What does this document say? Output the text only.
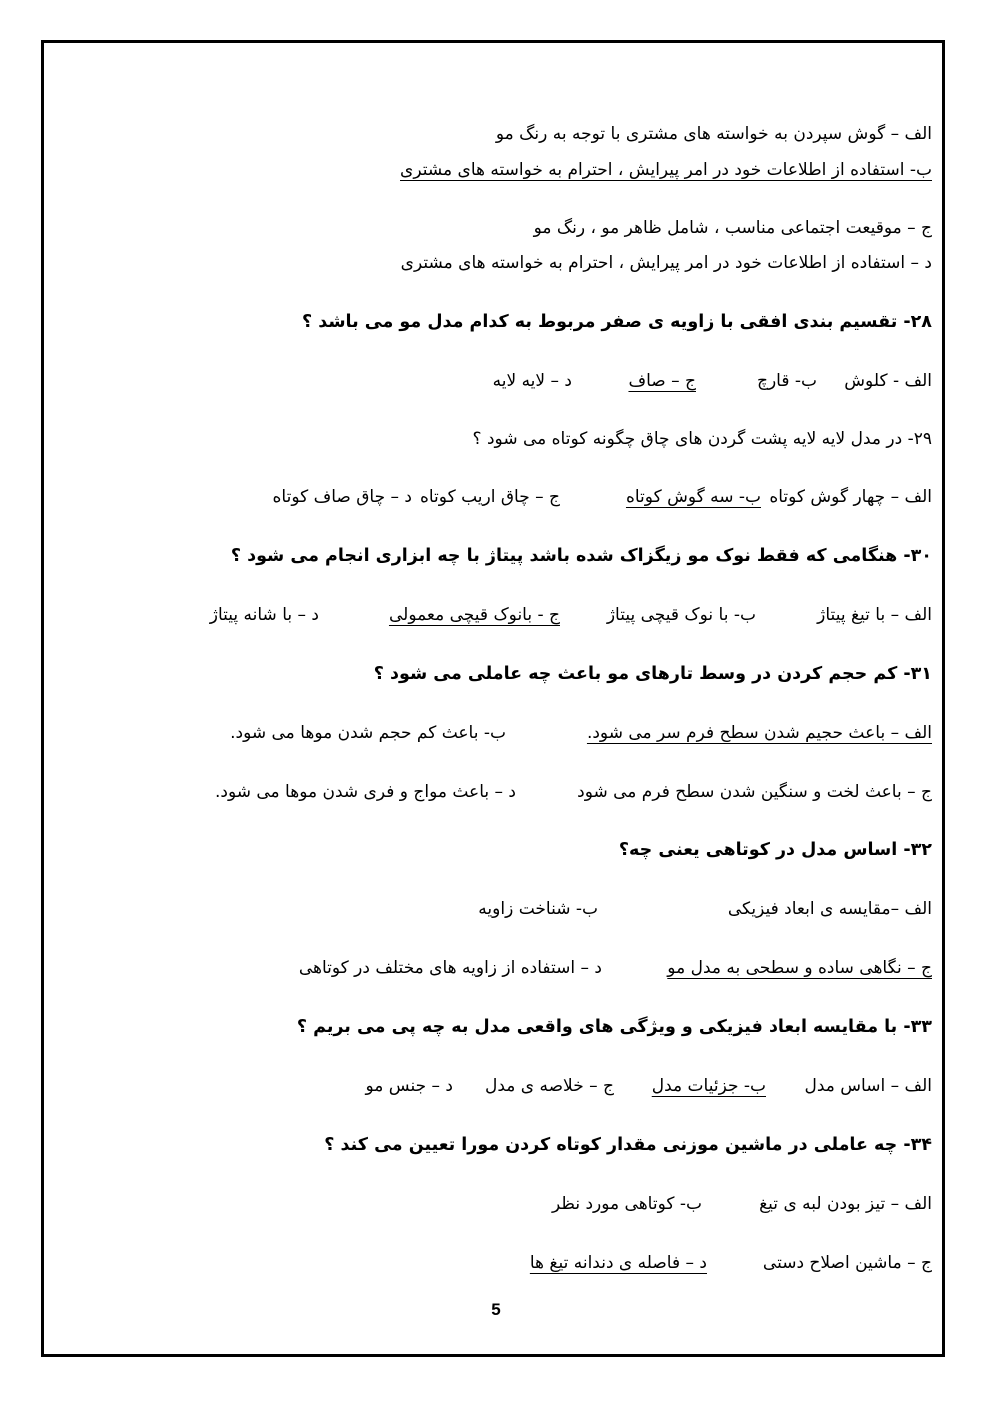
الف – گوش سپردن به خواسته های مشتری با توجه به رنگ مو
ب- استفاده از اطلاعات خود در امر پیرایش ، احترام به خواسته های مشتری
ج – موقیعت اجتماعی مناسب ، شامل ظاهر مو ، رنگ مو
د – استفاده از اطلاعات خود در امر پیرایش ، احترام به خواسته های مشتری
۲۸- تقسیم بندی افقی با زاویه ی صفر مربوط به کدام مدل مو می باشد ؟
الف - کلوش
ب- قارچ
ج – صاف
د – لایه لایه
۲۹- در مدل لایه لایه پشت گردن های چاق چگونه کوتاه می شود ؟
الف – چهار گوش کوتاه
ب- سه گوش کوتاه
ج – چاق اریب کوتاه
د – چاق صاف کوتاه
۳۰- هنگامی که فقط نوک مو زیگزاک شده باشد پیتاژ با چه ابزاری انجام می شود ؟
الف – با تیغ پیتاژ
ب- با نوک قیچی پیتاژ
ج - بانوک قیچی معمولی
د – با شانه پیتاژ
۳۱- کم حجم کردن در وسط تارهای مو باعث چه عاملی می شود ؟
الف – باعث حجیم شدن سطح فرم سر می شود.
ب- باعث کم حجم شدن موها می شود.
ج – باعث لخت و سنگین شدن سطح فرم می شود
د – باعث مواج و فری شدن موها می شود.
۳۲- اساس مدل در کوتاهی یعنی چه؟
الف –مقایسه ی ابعاد فیزیکی
ب- شناخت زاویه
ج – نگاهی ساده و سطحی به مدل مو
د – استفاده از زاویه های مختلف در کوتاهی
۳۳- با مقایسه ابعاد فیزیکی و ویژگی های واقعی مدل به چه پی می بریم ؟
الف – اساس مدل
ب- جزئیات مدل
ج – خلاصه ی مدل
د – جنس مو
۳۴- چه عاملی در ماشین موزنی مقدار کوتاه کردن مورا تعیین می کند ؟
الف – تیز بودن لبه ی تیغ
ب- کوتاهی مورد نظر
ج – ماشین اصلاح دستی
د – فاصله ی دندانه تیغ ها
5
